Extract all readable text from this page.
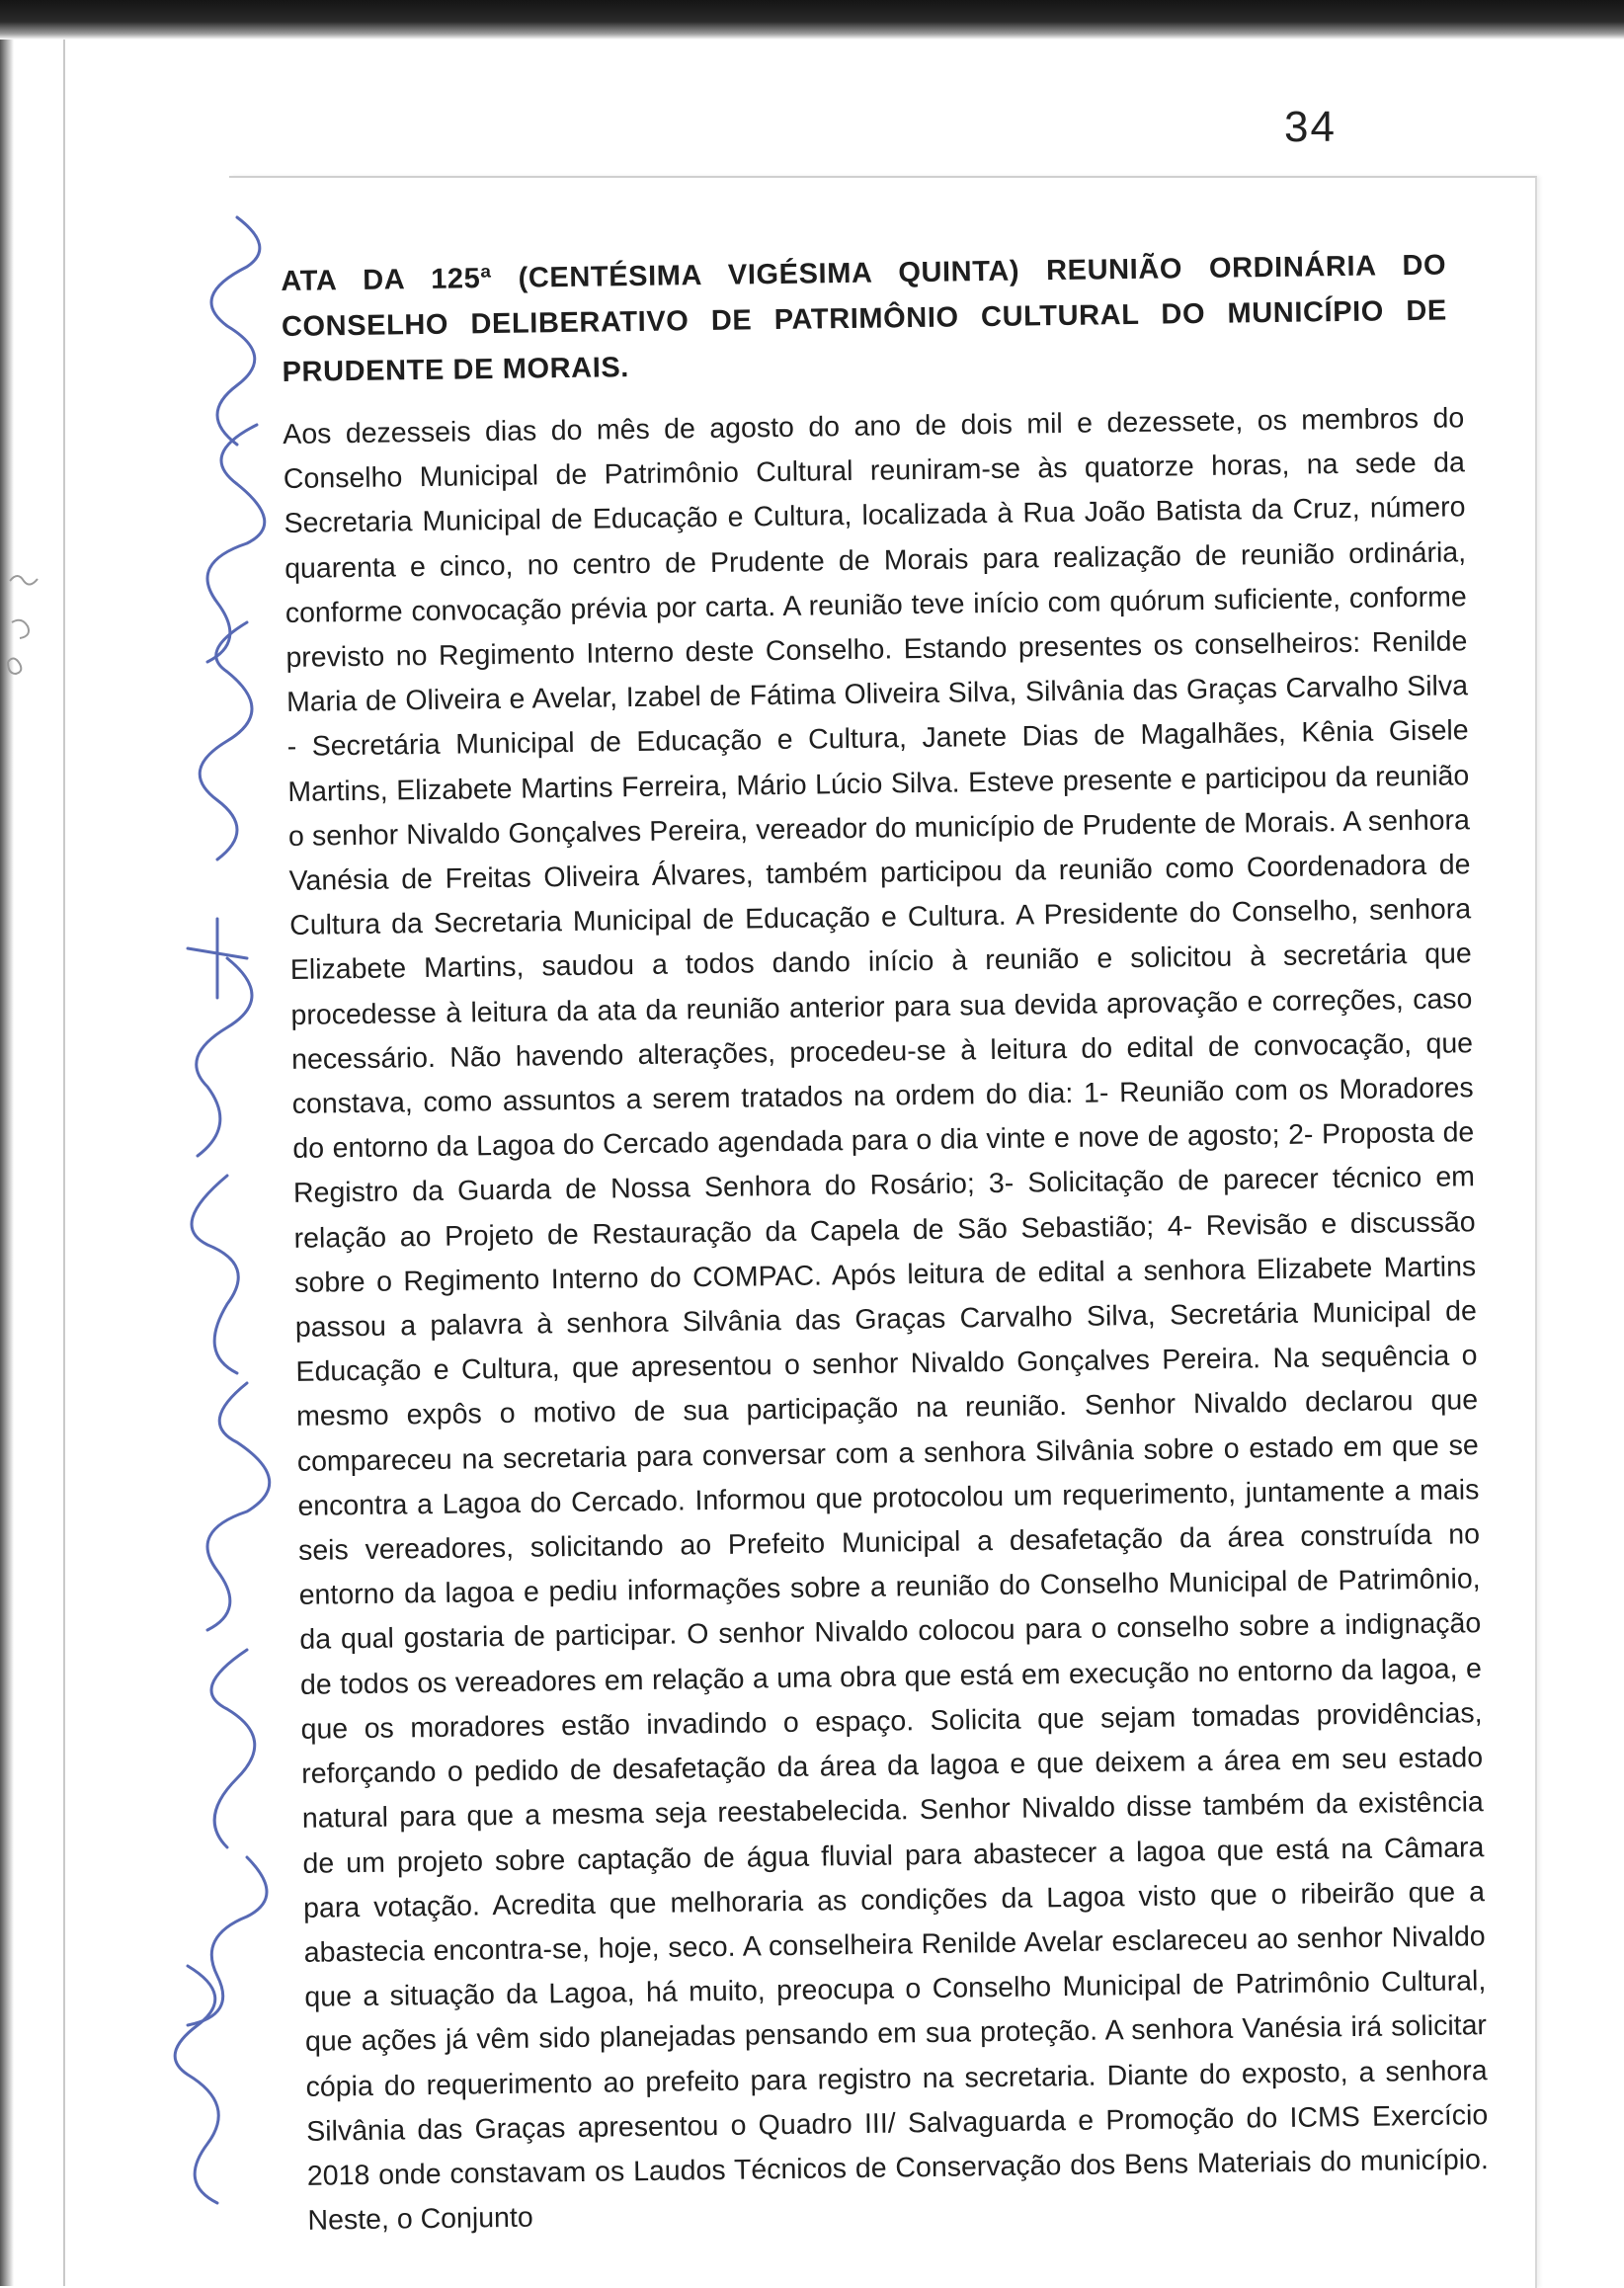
34
ATA DA 125ª (CENTÉSIMA VIGÉSIMA QUINTA) REUNIÃO ORDINÁRIA DO CONSELHO DELIBERATIVO DE PATRIMÔNIO CULTURAL DO MUNICÍPIO DE PRUDENTE DE MORAIS.

Aos dezesseis dias do mês de agosto do ano de dois mil e dezessete, os membros do Conselho Municipal de Patrimônio Cultural reuniram-se às quatorze horas, na sede da Secretaria Municipal de Educação e Cultura, localizada à Rua João Batista da Cruz, número quarenta e cinco, no centro de Prudente de Morais para realização de reunião ordinária, conforme convocação prévia por carta. A reunião teve início com quórum suficiente, conforme previsto no Regimento Interno deste Conselho. Estando presentes os conselheiros: Renilde Maria de Oliveira e Avelar, Izabel de Fátima Oliveira Silva, Silvânia das Graças Carvalho Silva - Secretária Municipal de Educação e Cultura, Janete Dias de Magalhães, Kênia Gisele Martins, Elizabete Martins Ferreira, Mário Lúcio Silva. Esteve presente e participou da reunião o senhor Nivaldo Gonçalves Pereira, vereador do município de Prudente de Morais. A senhora Vanésia de Freitas Oliveira Álvares, também participou da reunião como Coordenadora de Cultura da Secretaria Municipal de Educação e Cultura. A Presidente do Conselho, senhora Elizabete Martins, saudou a todos dando início à reunião e solicitou à secretária que procedesse à leitura da ata da reunião anterior para sua devida aprovação e correções, caso necessário. Não havendo alterações, procedeu-se à leitura do edital de convocação, que constava, como assuntos a serem tratados na ordem do dia: 1- Reunião com os Moradores do entorno da Lagoa do Cercado agendada para o dia vinte e nove de agosto; 2- Proposta de Registro da Guarda de Nossa Senhora do Rosário; 3- Solicitação de parecer técnico em relação ao Projeto de Restauração da Capela de São Sebastião; 4- Revisão e discussão sobre o Regimento Interno do COMPAC. Após leitura de edital a senhora Elizabete Martins passou a palavra à senhora Silvânia das Graças Carvalho Silva, Secretária Municipal de Educação e Cultura, que apresentou o senhor Nivaldo Gonçalves Pereira. Na sequência o mesmo expôs o motivo de sua participação na reunião. Senhor Nivaldo declarou que compareceu na secretaria para conversar com a senhora Silvânia sobre o estado em que se encontra a Lagoa do Cercado. Informou que protocolou um requerimento, juntamente a mais seis vereadores, solicitando ao Prefeito Municipal a desafetação da área construída no entorno da lagoa e pediu informações sobre a reunião do Conselho Municipal de Patrimônio, da qual gostaria de participar. O senhor Nivaldo colocou para o conselho sobre a indignação de todos os vereadores em relação a uma obra que está em execução no entorno da lagoa, e que os moradores estão invadindo o espaço. Solicita que sejam tomadas providências, reforçando o pedido de desafetação da área da lagoa e que deixem a área em seu estado natural para que a mesma seja reestabelecida. Senhor Nivaldo disse também da existência de um projeto sobre captação de água fluvial para abastecer a lagoa que está na Câmara para votação. Acredita que melhoraria as condições da Lagoa visto que o ribeirão que a abastecia encontra-se, hoje, seco. A conselheira Renilde Avelar esclareceu ao senhor Nivaldo que a situação da Lagoa, há muito, preocupa o Conselho Municipal de Patrimônio Cultural, que ações já vêm sido planejadas pensando em sua proteção. A senhora Vanésia irá solicitar cópia do requerimento ao prefeito para registro na secretaria. Diante do exposto, a senhora Silvânia das Graças apresentou o Quadro III/ Salvaguarda e Promoção do ICMS Exercício 2018 onde constavam os Laudos Técnicos de Conservação dos Bens Materiais do município. Neste, o Conjunto
